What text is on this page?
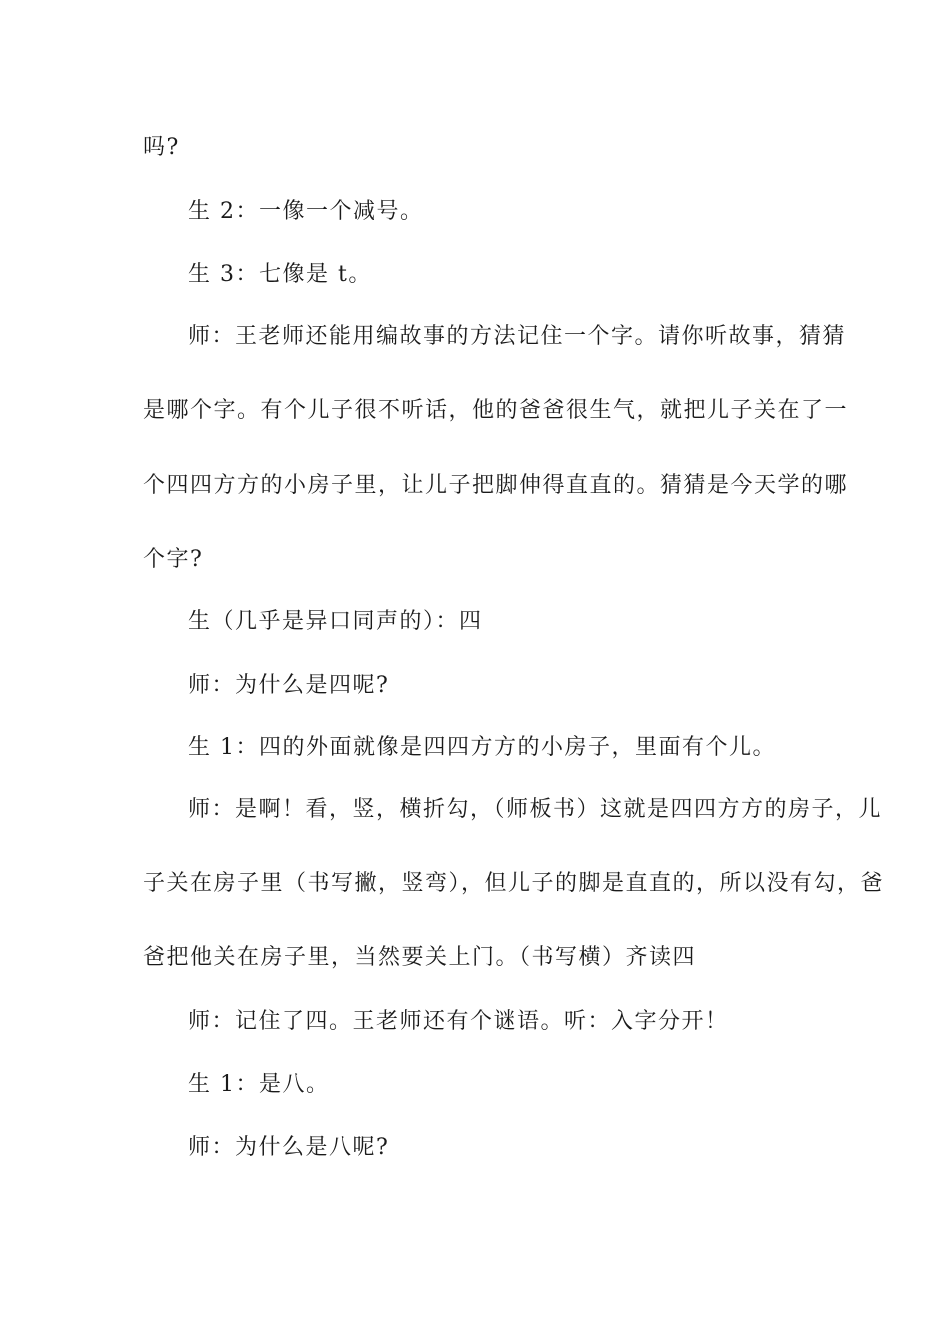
吗?
生 2：一像一个减号。
生 3：七像是 t。
师：王老师还能用编故事的方法记住一个字。请你听故事，猜猜
是哪个字。有个儿子很不听话，他的爸爸很生气，就把儿子关在了一
个四四方方的小房子里，让儿子把脚伸得直直的。猜猜是今天学的哪
个字?
生（几乎是异口同声的）：四
师：为什么是四呢?
生 1：四的外面就像是四四方方的小房子，里面有个儿。
师：是啊！看，竖，横折勾，（师板书）这就是四四方方的房子，儿
子关在房子里（书写撇，竖弯），但儿子的脚是直直的，所以没有勾，爸
爸把他关在房子里，当然要关上门。（书写横）齐读四
师：记住了四。王老师还有个谜语。听：入字分开！
生 1：是八。
师：为什么是八呢?
